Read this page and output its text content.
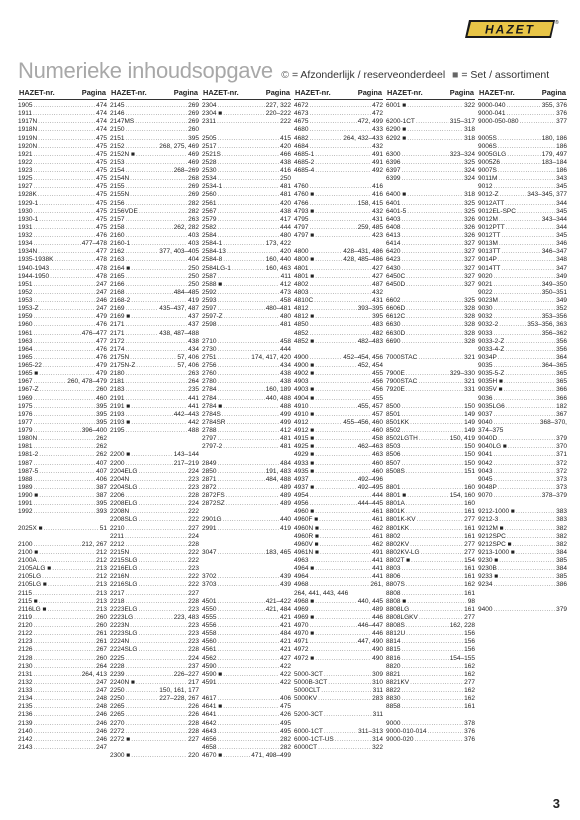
HAZET	®
Numerieke inhoudsopgave © = Afzonderlijk / reserveonderdeel ■ = Set / assortiment
HAZET-nr.	Pagina
1905 .....	474
1911 .....	474
1917N .....	474
1918N .....	474
1919N .....	475
1920N .....	475
1921 .....	475
1922 .....	475
1923 .....	475
1925 .....	475
1927 .....	475
1928K .....	475
1929-1 .....	475
1930 .....	475
1930-1 .....	475
1931 .....	475
1932 .....	476
1934 .....	477–478
1934N .....	477
1935-1938K .....	478
1940-1943 .....	478
1944-1950 .....	478
1951 .....	247
1952 .....	247
1953 .....	246
1953-Z .....	247
1959 .....	479
1960 .....	476
1961 .....	476–477
1963 .....	477
1964 .....	476
1965 .....	476
1965-22 .....	479
1965 ■ .....	479
1967 .....	260, 478–479
1967-Z .....	260
1969 .....	460
1975 .....	395
1976 .....	395
1977 .....	395
1979 .....	396–400
1980N .....	262
1981 .....	262
1981-2 .....	262
1987 .....	407
1987-5 .....	407
1988 .....	406
1989 .....	387
1990 ■ .....	387
1991 .....	395
1992 .....	393
2025X ■ .....	51
2100 .....	212, 267
2100 ■ .....	212
2100A .....	212
2105ALG ■ .....	213
2105LG .....	212
2105LG ■ .....	213
2115 .....	213
2115 ■ .....	213
2116LG ■ .....	213
2119 .....	260
2120 .....	260
2122 .....	261
2123 .....	261
2126 .....	267
2128 .....	260
2130 .....	264
2131 .....	264, 413
2132 .....	247
2133 .....	247
2134 .....	248
2135 .....	248
2136 .....	246
2139 .....	246
2140 .....	246
2142 .....	246
2143 .....	247
HAZET-nr.	Pagina
2145 .....	269
2146 .....	269
2147MS .....	269
2150 .....	260
2151 .....	395
2152 .....	268, 275, 469
2152N ■ .....	469
2153 .....	469
2154 .....	268–269
2154N .....	268
2155 .....	269
2155N .....	269
2156 .....	282
2156VDE .....	282
2157 .....	263
2158 .....	262, 282
2160 .....	403
2160-1 .....	403
2162 .....	377, 403–405
2163 .....	404
2164 ■ .....	250
2165 .....	250
2166 .....	250
2168 .....	484–485
2168-2 .....	419
2169 .....	435–437, 487
2169 ■ .....	437
2171 .....	437
2171 .....	438, 487–488
2172 .....	438
2174 .....	434
2175N .....	57, 406
2175N-Z .....	57, 406
2180 .....	263
2181 .....	264
2183 .....	235
2191 .....	441
2191 ■ .....	441
2193 .....	442–443
2193 ■ .....	442
2195 .....	488
2200 ■ .....	143–144
2200 .....	217–219
2204ELG .....	224
2204N .....	223
2204SLG .....	223
2206 .....	228
2208ELG .....	224
2208N .....	222
2208SLG .....	222
2210 .....	227
2211 .....	224
2212 .....	228
2215N .....	222
2215SLG .....	222
2216ELG .....	223
2216N .....	222
2216SLG .....	222
2217 .....	227
2218 .....	228
2223ELG .....	223
2223LG .....	223, 483
2223N .....	223
2223SLG .....	223
2224N .....	223
2224SLG .....	228
2225 .....	224
2228 .....	237
2239 .....	226–227
2240N ■ .....	217
2250 .....	150, 161, 177
2250 .....	227–228, 267
2265 .....	226
2265 .....	226
2270 .....	228
2272 .....	228
2272 ■ .....	227
2300 ■ .....	220
HAZET-nr.	Pagina
2304 .....	227, 322
2304 ■ .....	220–222
2311 .....	222
2505 .....	415
2517 .....	420
2521S .....	466
2528 .....	438
2530 .....	416
2534 .....	250
2534-1 .....	481
2560 .....	481
2561 .....	420
2567 .....	438
2579 .....	417
2582 .....	444
2584 .....	480
2584-1 .....	173, 422
2584-13 .....	420
2584-8 .....	160, 440
2584LG-1 .....	160, 463
2587 .....	411
2588 ■ .....	412
2592 .....	473
2593 .....	458
2597 .....	480–481
2597-Z .....	480
2598 .....	481
2710 .....	458
2730 .....	444
2751 .....	174, 417, 420
2756 .....	434
2760 .....	438
2780 .....	438
2784 .....	160, 189
2784 .....	440, 488
2784 ■ .....	488
2784S .....	499
2784SR .....	499
2788 .....	412
2797 .....	481
2797-2 .....	481
2849 .....	484
2850 .....	191, 483
2871 .....	484, 488
2872 .....	489
2872FS .....	489
2872SZ .....	489
2901G .....	440
2991 .....	419
3047 .....	183, 465
3702 .....	439
3703 .....	439
4501 .....	421–422
4550 .....	421, 484
4555 .....	421
4556 .....	421
4558 .....	484
4560 .....	421
4561 .....	421
4562 .....	427
4590 .....	422
4590 ■ .....	422
4591 .....	422
4617 .....	406
4641 ■ .....	475
4641 .....	426
4642 .....	495
4643 .....	495
4656 .....	282
4658 .....	282
4670 ■ .....	471, 498–499
HAZET-nr.	Pagina
4672 .....	472
4673 .....	472
4675 .....	472, 499
4680 .....	433
4682 .....	264, 432–433
4684 .....	432
4685-1 .....	491
4685-2 .....	491
4685-4 .....	492
4760 .....	416
4760 ■ .....	416
4766 .....	158, 415
4793 ■ .....	432
4795 .....	431
4797 .....	259, 485
4797 ■ .....	423
4800 .....	428–431, 486
4800 ■ .....	428, 485–486
4801 .....	427
4801 ■ .....	427
4802 .....	487
4803 .....	432
4810C .....	431
4812 .....	393–395
4812 ■ .....	395
4850 .....	483
4852 .....	482
4852 ■ .....	482–483
4900 .....	452–454, 456
4900 ■ .....	452, 454
4902 ■ .....	455
4903 .....	456
4903 ■ .....	456
4904 ■ .....	455
4910 .....	455, 457
4910 ■ .....	457
4912 .....	455–456, 460
4912 ■ .....	460
4915 ■ .....	458
4925 ■ .....	462–463
4929 ■ .....	463
4933 ■ .....	460
4935 ■ .....	460
4937 .....	492–496
4937 ■ .....	492–495
4954 .....	444
4956 .....	444–445
4960 ■ .....	461
4960F ■ .....	461
4960N ■ .....	462
4960R ■ .....	461
4960V ■ .....	462
4961N ■ .....	491
4963 .....	441
4964 ■ .....	441
4964 .....	441
4968 .....	261,
264, 441, 443, 446
4968 ■ .....	440, 445
4969 .....	489
4969 ■ .....	446
4970 .....	446–447
4970 ■ .....	446
4971 .....	447, 490
4972 .....	490
4972 ■ .....	490
5000-3CT .....	309
5000B-3CT .....	310
5000CLT .....	311
5000KV .....	283
5200-3CT .....	311
6000-1CT .....	311–313
6000-1CT-US .....	314
6000CT .....	322
HAZET-nr.	Pagina
6001 ■ .....	322
6200-1CT .....	315–317
6290 ■ .....	318
6292 ■ .....	318
6300 .....	323–324
6396 .....	325
6397 .....	324
6399 .....	324
6400 ■ .....	318
6401 .....	325
6401-5 .....	325
6403 .....	326
6408 .....	326
6413 .....	326
6414 .....	327
6420 .....	327
6423 .....	327
6430 .....	327
6450C .....	327
6450D .....	327
6602 .....	325
6606D .....	328
6612C .....	328
6630 .....	328
6630D .....	328
6690 .....	328
7000STAC .....	321
7900E .....	329–330
7900STAC .....	321
7920E .....	331
8500 .....	150
8501 .....	149
8501KK .....	149
8502 .....	149
8502LGTH .....	150, 419
8503 .....	150
8506 .....	150
8507 .....	150
8508S .....	151
8801 .....	160
8801 ■ .....	154, 160
8801A .....	160
8801K .....	161
8801K-KV .....	277
8801KK .....	161
8802 .....	161
8802KV .....	277
8802KV-LG .....	277
8802T ■ .....	154
8803 .....	161
8806 .....	161
8807S .....	162
8808 .....	161
8808 ■ .....	98
8808LG .....	161
8808LGKV .....	277
8808S .....	162, 228
8812U .....	156
8814 .....	156
8815 .....	156
8816 .....	154–155
8820 .....	162
8821 .....	162
8821KV .....	277
8822 .....	162
8830 .....	162
8858 .....	161
9000 .....	378
9000-010-014 .....	376
9000-020 .....	376
HAZET-nr.	Pagina
9000-040 .....	355, 376
9000-041 .....	376
9000-050-080 .....	377
9005S .....	180, 186
9006S .....	186
9005GLG .....	179, 497
9005Z6 .....	183–184
9007S .....	186
9011M .....	343
9012 .....	345
9012-Z .....	343–345, 377
9012ATT .....	344
9012EL-SPC .....	345
9012M .....	343–344
9012PTT .....	344
9012TT .....	345
9013M .....	346
9013TT .....	346–347
9014P .....	348
9014TT .....	347
9020 .....	349
9021 .....	349–350
9022 .....	350–351
9023M .....	349
9030 .....	352
9032 .....	353–356
9032-2 .....	353–356, 363
9033 .....	356–362
9033-2-Z .....	356
9033-4-Z .....	356
9034P .....	364
9035 .....	364–365
9035-5-Z .....	365
9035H ■ .....	365
9035V ■ .....	366
9036 .....	366
9035LG6 .....	182
9037 .....	367
9040 .....	368–370,
374–375
9040D .....	379
9040LG ■ .....	370
9041 .....	371
9042 .....	372
9043 .....	372
9045 .....	373
9048P .....	373
9070 .....	378–379
9212-1000 ■ .....	383
9212-3 .....	383
9212M ■ .....	382
9212SPC .....	382
9212SPC ■ .....	382
9213-1000 ■ .....	384
9230 ■ .....	385
9230B .....	384
9233 ■ .....	385
9234 .....	386
9400 .....	379
3
